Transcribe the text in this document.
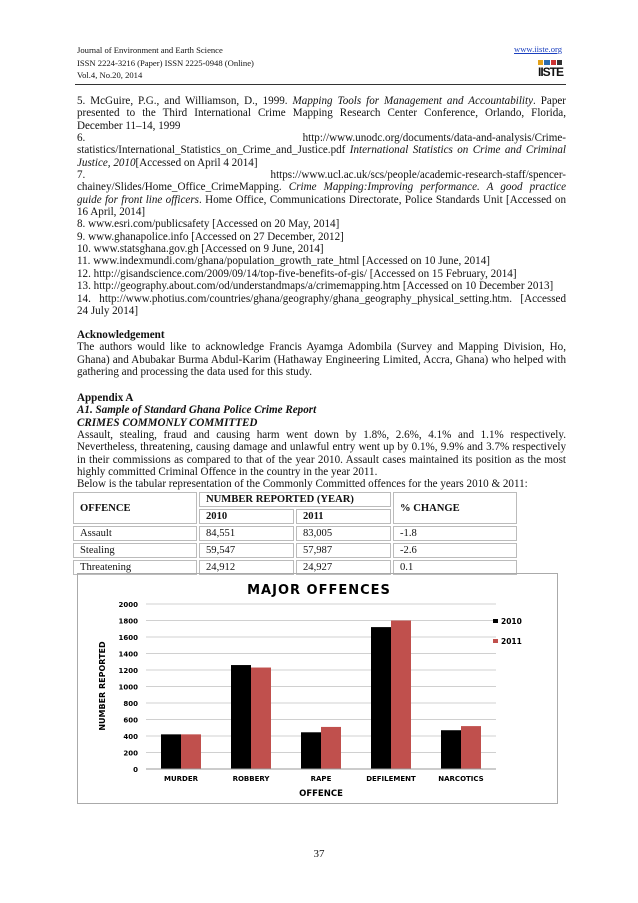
Journal of Environment and Earth Science
ISSN 2224-3216 (Paper) ISSN 2225-0948 (Online)
Vol.4, No.20, 2014
www.iiste.org
IISTE

5. McGuire, P.G., and Williamson, D., 1999. Mapping Tools for Management and Accountability. Paper presented to the Third International Crime Mapping Research Center Conference, Orlando, Florida, December 11–14, 1999

6. http://www.unodc.org/documents/data-and-analysis/Crime-statistics/International_Statistics_on_Crime_and_Justice.pdf International Statistics on Crime and Criminal Justice, 2010[Accessed on April 4 2014]

7. https://www.ucl.ac.uk/scs/people/academic-research-staff/spencer-chainey/Slides/Home_Office_CrimeMapping. Crime Mapping:Improving performance. A good practice guide for front line officers. Home Office, Communications Directorate, Police Standards Unit [Accessed on 16 April, 2014]

8. www.esri.com/publicsafety [Accessed on 20 May, 2014]

9. www.ghanapolice.info [Accessed on 27 December, 2012]

10. www.statsghana.gov.gh [Accessed on 9 June, 2014]

11. www.indexmundi.com/ghana/population_growth_rate_html [Accessed on 10 June, 2014]

12. http://gisandscience.com/2009/09/14/top-five-benefits-of-gis/ [Accessed on 15 February, 2014]

13. http://geography.about.com/od/understandmaps/a/crimemapping.htm [Accessed on 10 December 2013]

14. http://www.photius.com/countries/ghana/geography/ghana_geography_physical_setting.htm. [Accessed 24 July 2014]

Acknowledgement

The authors would like to acknowledge Francis Ayamga Adombila (Survey and Mapping Division, Ho, Ghana) and Abubakar Burma Abdul-Karim (Hathaway Engineering Limited, Accra, Ghana) who helped with gathering and processing the data used for this study.

Appendix A

A1. Sample of Standard Ghana Police Crime Report

CRIMES COMMONLY COMMITTED

Assault, stealing, fraud and causing harm went down by 1.8%, 2.6%, 4.1% and 1.1% respectively. Nevertheless, threatening, causing damage and unlawful entry went up by 0.1%, 9.9% and 3.7% respectively in their commissions as compared to that of the year 2010. Assault cases maintained its position as the most highly committed Criminal Offence in the country in the year 2011.

Below is the tabular representation of the Commonly Committed offences for the years 2010 & 2011:

OFFENCE	NUMBER REPORTED (YEAR)		% CHANGE
	2010	2011	
Assault	84,551	83,005	-1.8
Stealing	59,547	57,987	-2.6
Threatening	24,912	24,927	0.1
MAJOR OFFENCES
0
200
400
600
800
1000
1200
1400
1600
1800
2000
NUMBER REPORTED
MURDER	ROBBERY	RAPE	DEFILEMENT	NARCOTICS
OFFENCE
2010
2011
37
